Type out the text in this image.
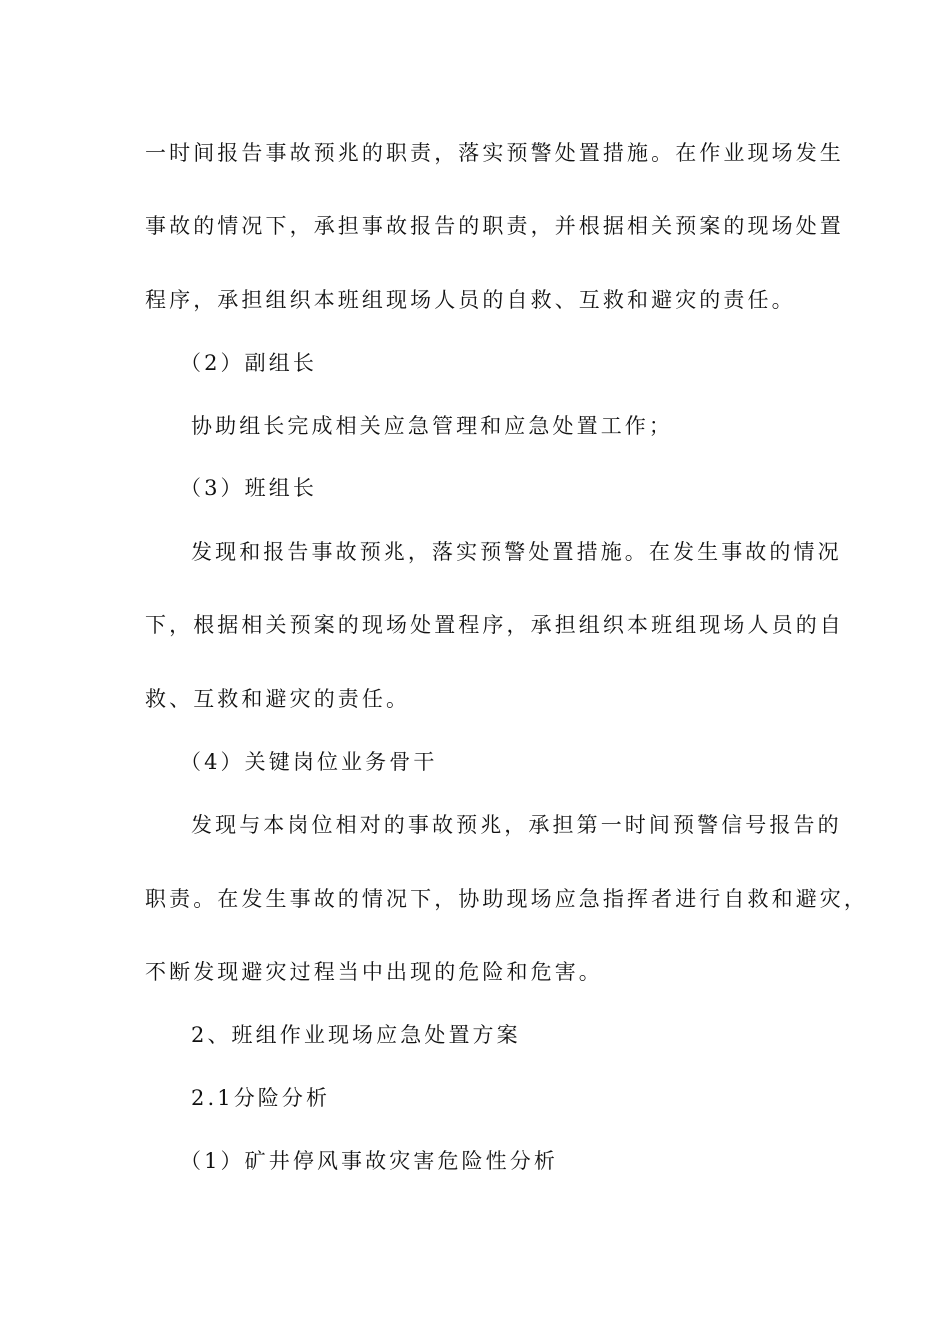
一时间报告事故预兆的职责，落实预警处置措施。在作业现场发生

事故的情况下，承担事故报告的职责，并根据相关预案的现场处置

程序，承担组织本班组现场人员的自救、互救和避灾的责任。

（2）副组长

协助组长完成相关应急管理和应急处置工作；

（3）班组长

发现和报告事故预兆，落实预警处置措施。在发生事故的情况

下，根据相关预案的现场处置程序，承担组织本班组现场人员的自

救、互救和避灾的责任。

（4）关键岗位业务骨干

发现与本岗位相对的事故预兆，承担第一时间预警信号报告的

职责。在发生事故的情况下，协助现场应急指挥者进行自救和避灾，

不断发现避灾过程当中出现的危险和危害。

2、班组作业现场应急处置方案

2.1分险分析

（1）矿井停风事故灾害危险性分析
